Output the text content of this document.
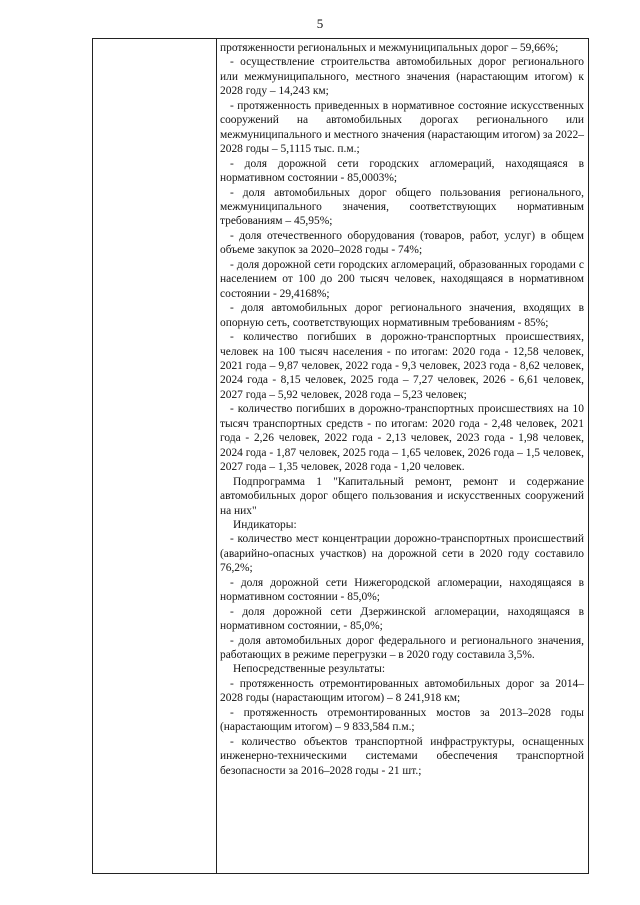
5

протяженности региональных и межмуниципальных дорог – 59,66%;

- осуществление строительства автомобильных дорог регионального или межмуниципального, местного значения (нарастающим итогом) к 2028 году – 14,243 км;

- протяженность приведенных в нормативное состояние искусственных сооружений на автомобильных дорогах регионального или межмуниципального и местного значения (нарастающим итогом) за 2022–2028 годы – 5,1115 тыс. п.м.;

- доля дорожной сети городских агломераций, находящаяся в нормативном состоянии - 85,0003%;

- доля автомобильных дорог общего пользования регионального, межмуниципального значения, соответствующих нормативным требованиям – 45,95%;

- доля отечественного оборудования (товаров, работ, услуг) в общем объеме закупок за 2020–2028 годы - 74%;

- доля дорожной сети городских агломераций, образованных городами с населением от 100 до 200 тысяч человек, находящаяся в нормативном состоянии - 29,4168%;

- доля автомобильных дорог регионального значения, входящих в опорную сеть, соответствующих нормативным требованиям - 85%;

- количество погибших в дорожно-транспортных происшествиях, человек на 100 тысяч населения - по итогам: 2020 года - 12,58 человек, 2021 года – 9,87 человек, 2022 года - 9,3 человек, 2023 года - 8,62 человек, 2024 года - 8,15 человек, 2025 года – 7,27 человек, 2026 - 6,61 человек, 2027 года – 5,92 человек, 2028 года – 5,23 человек;

- количество погибших в дорожно-транспортных происшествиях на 10 тысяч транспортных средств - по итогам: 2020 года - 2,48 человек, 2021 года - 2,26 человек, 2022 года - 2,13 человек, 2023 года - 1,98 человек, 2024 года - 1,87 человек, 2025 года – 1,65 человек, 2026 года – 1,5 человек, 2027 года – 1,35 человек, 2028 года - 1,20 человек.

Подпрограмма 1 "Капитальный ремонт, ремонт и содержание автомобильных дорог общего пользования и искусственных сооружений на них"

Индикаторы:

- количество мест концентрации дорожно-транспортных происшествий (аварийно-опасных участков) на дорожной сети в 2020 году составило 76,2%;

- доля дорожной сети Нижегородской агломерации, находящаяся в нормативном состоянии - 85,0%;

- доля дорожной сети Дзержинской агломерации, находящаяся в нормативном состоянии, - 85,0%;

- доля автомобильных дорог федерального и регионального значения, работающих в режиме перегрузки – в 2020 году составила 3,5%.

Непосредственные результаты:

- протяженность отремонтированных автомобильных дорог за 2014–2028 годы (нарастающим итогом) – 8 241,918 км;

- протяженность отремонтированных мостов за 2013–2028 годы (нарастающим итогом) – 9 833,584 п.м.;

- количество объектов транспортной инфраструктуры, оснащенных инженерно-техническими системами обеспечения транспортной безопасности за 2016–2028 годы - 21 шт.;
